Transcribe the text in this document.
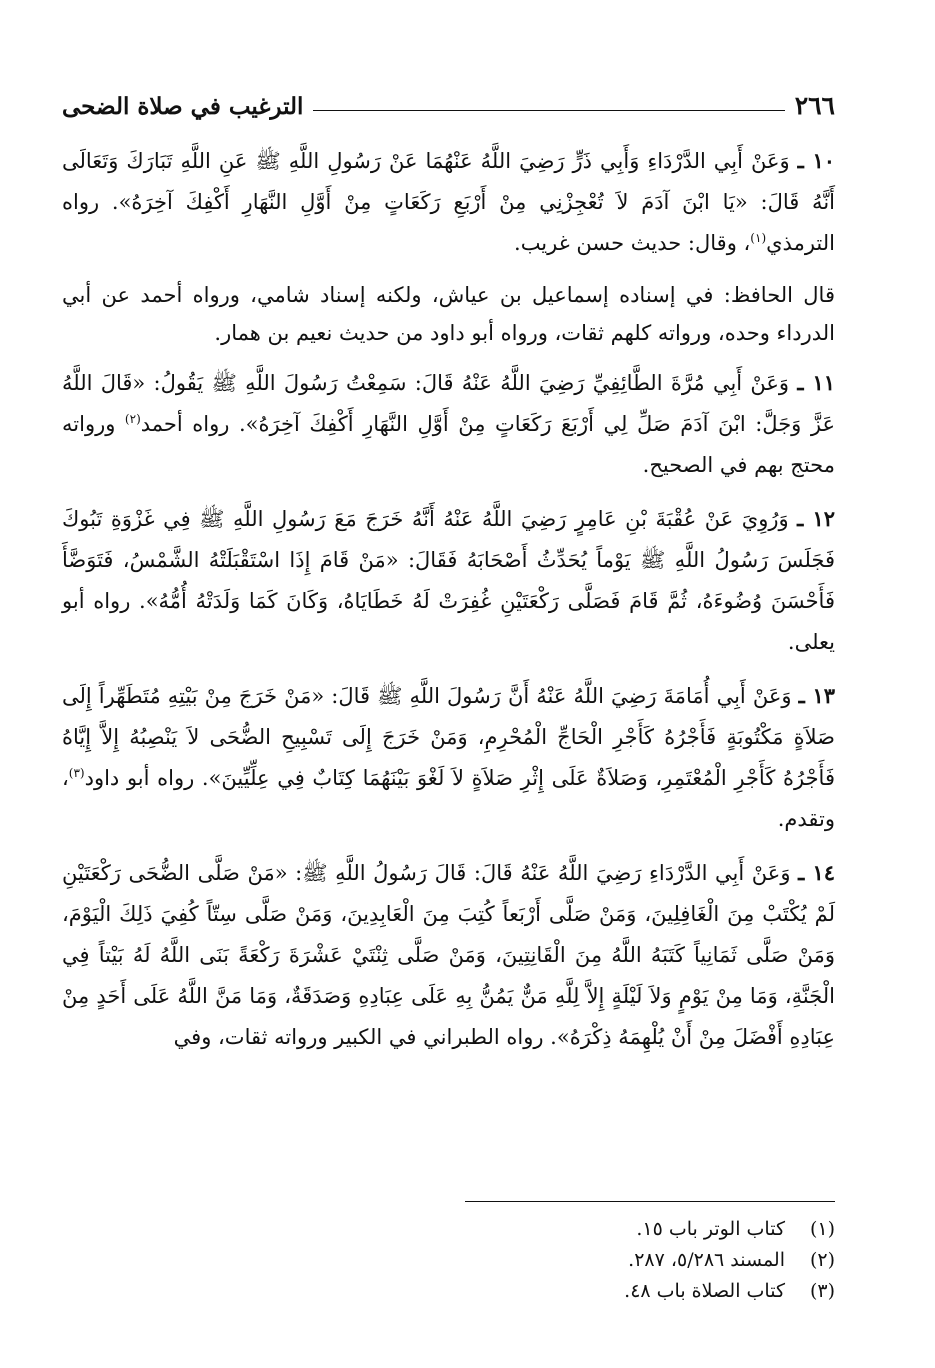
٢٦٦
الترغيب في صلاة الضحى

١٠ ـ وَعَنْ أَبِي الدَّرْدَاءِ وَأَبِي ذَرٍّ رَضِيَ اللَّهُ عَنْهُمَا عَنْ رَسُولِ اللَّهِ ﷺ عَنِ اللَّهِ تَبَارَكَ وَتَعَالَى أَنَّهُ قَالَ: «يَا ابْنَ آدَمَ لاَ تُعْجِزْنِي مِنْ أَرْبَعِ رَكَعَاتٍ مِنْ أَوَّلِ النَّهَارِ أَكْفِكَ آخِرَهُ». رواه الترمذي$^{(١)}$، وقال: حديث حسن غريب.

قال الحافظ: في إسناده إسماعيل بن عياش، ولكنه إسناد شامي، ورواه أحمد عن أبي الدرداء وحده، ورواته كلهم ثقات، ورواه أبو داود من حديث نعيم بن همار.

١١ ـ وَعَنْ أَبِي مُرَّةَ الطَّائِفِيِّ رَضِيَ اللَّهُ عَنْهُ قَالَ: سَمِعْتُ رَسُولَ اللَّهِ ﷺ يَقُولُ: «قَالَ اللَّهُ عَزَّ وَجَلَّ: ابْنَ آدَمَ صَلِّ لِي أَرْبَعَ رَكَعَاتٍ مِنْ أَوَّلِ النَّهَارِ أَكْفِكَ آخِرَهُ». رواه أحمد$^{(٢)}$ ورواته محتج بهم في الصحيح.

١٢ ـ وَرُوِيَ عَنْ عُقْبَةَ بْنِ عَامِرٍ رَضِيَ اللَّهُ عَنْهُ أَنَّهُ خَرَجَ مَعَ رَسُولِ اللَّهِ ﷺ فِي غَزْوَةِ تَبُوكَ فَجَلَسَ رَسُولُ اللَّهِ ﷺ يَوْماً يُحَدِّثُ أَصْحَابَهُ فَقَالَ: «مَنْ قَامَ إِذَا اسْتَقْبَلَتْهُ الشَّمْسُ، فَتَوَضَّأَ فَأَحْسَنَ وُضُوءَهُ، ثُمَّ قَامَ فَصَلَّى رَكْعَتَيْنِ غُفِرَتْ لَهُ خَطَايَاهُ، وَكَانَ كَمَا وَلَدَتْهُ أُمُّهُ». رواه أبو يعلى.

١٣ ـ وَعَنْ أَبِي أُمَامَةَ رَضِيَ اللَّهُ عَنْهُ أَنَّ رَسُولَ اللَّهِ ﷺ قَالَ: «مَنْ خَرَجَ مِنْ بَيْتِهِ مُتَطَهِّراً إِلَى صَلاَةٍ مَكْتُوبَةٍ فَأَجْرُهُ كَأَجْرِ الْحَاجِّ الْمُحْرِمِ، وَمَنْ خَرَجَ إِلَى تَسْبِيحِ الضُّحَى لاَ يَنْصِبُهُ إِلاَّ إِيَّاهُ فَأَجْرُهُ كَأَجْرِ الْمُعْتَمِرِ، وَصَلاَةٌ عَلَى إِثْرِ صَلاَةٍ لاَ لَغْوَ بَيْنَهُمَا كِتَابٌ فِي عِلِّيِّينَ». رواه أبو داود$^{(٣)}$، وتقدم.

١٤ ـ وَعَنْ أَبِي الدَّرْدَاءِ رَضِيَ اللَّهُ عَنْهُ قَالَ: قَالَ رَسُولُ اللَّهِ ﷺ: «مَنْ صَلَّى الضُّحَى رَكْعَتَيْنِ لَمْ يُكْتَبْ مِنَ الْغَافِلِينَ، وَمَنْ صَلَّى أَرْبَعاً كُتِبَ مِنَ الْعَابِدِينَ، وَمَنْ صَلَّى سِتّاً كُفِيَ ذَلِكَ الْيَوْمَ، وَمَنْ صَلَّى ثَمَانِياً كَتَبَهُ اللَّهُ مِنَ الْقَانِتِينَ، وَمَنْ صَلَّى ثِنْتَيْ عَشْرَةَ رَكْعَةً بَنَى اللَّهُ لَهُ بَيْتاً فِي الْجَنَّةِ، وَمَا مِنْ يَوْمٍ وَلاَ لَيْلَةٍ إِلاَّ لِلَّهِ مَنٌّ يَمُنُّ بِهِ عَلَى عِبَادِهِ وَصَدَقَةٌ، وَمَا مَنَّ اللَّهُ عَلَى أَحَدٍ مِنْ عِبَادِهِ أَفْضَلَ مِنْ أَنْ يُلْهِمَهُ ذِكْرَهُ». رواه الطبراني في الكبير ورواته ثقات، وفي

(١)
كتاب الوتر باب ١٥.
(٢)
المسند ٥/٢٨٦، ٢٨٧.
(٣)
كتاب الصلاة باب ٤٨.
